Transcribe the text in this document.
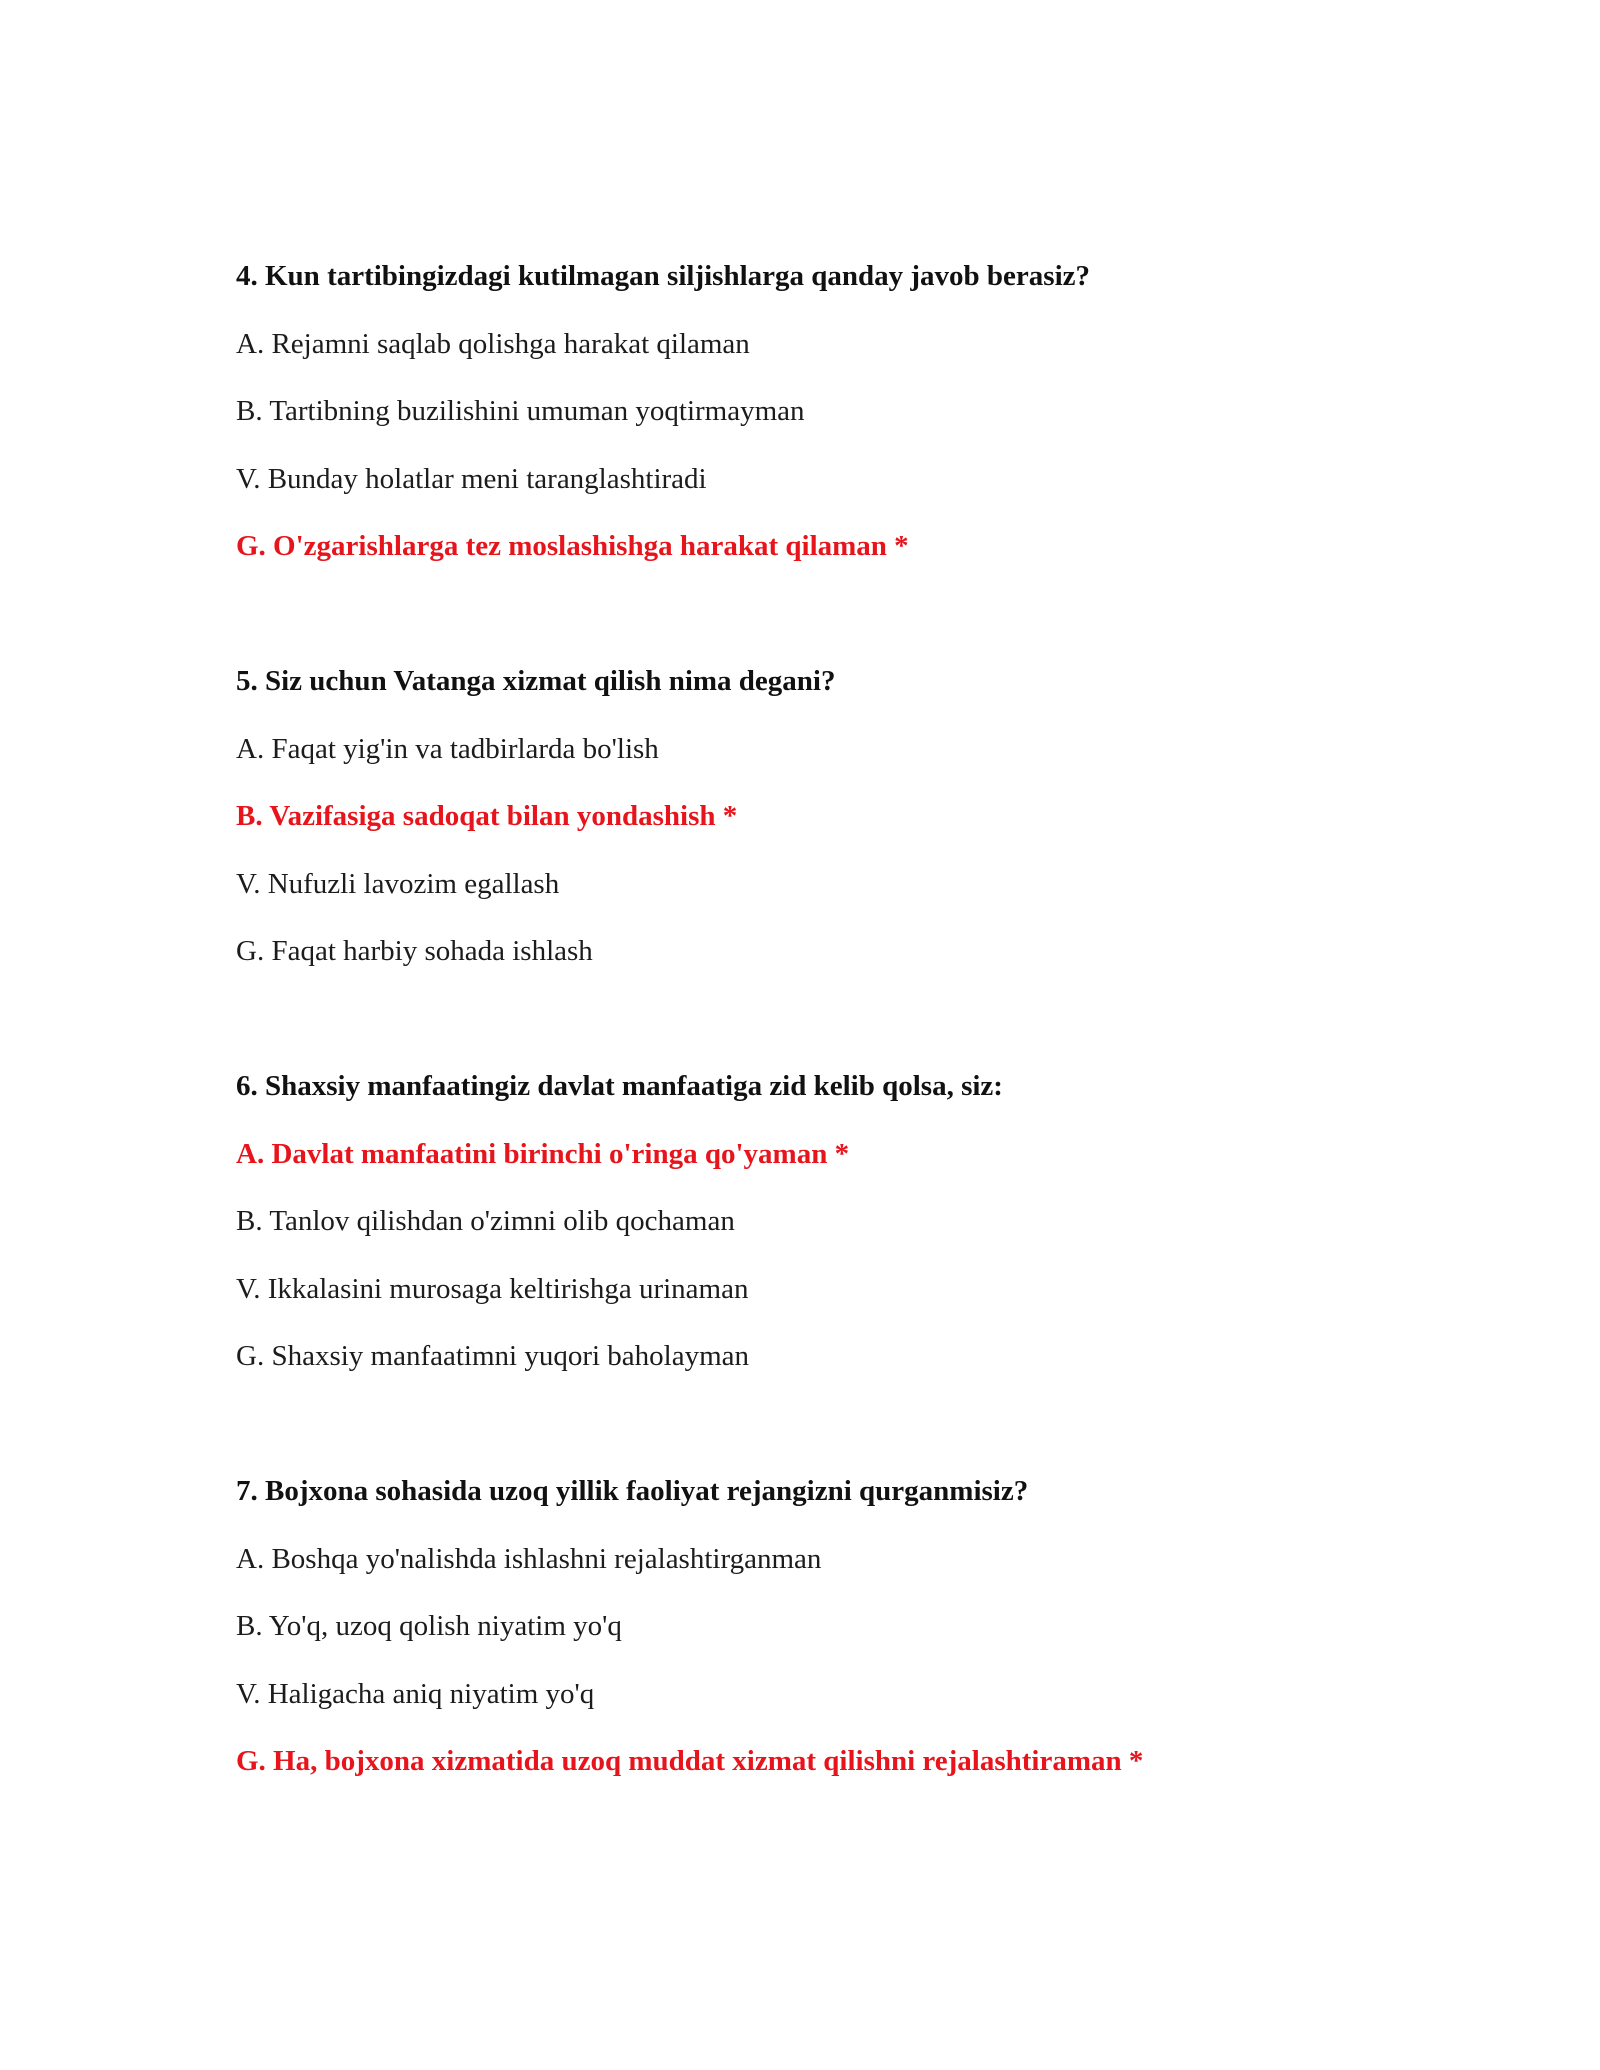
4. Kun tartibingizdagi kutilmagan siljishlarga qanday javob berasiz?
A. Rejamni saqlab qolishga harakat qilaman
B. Tartibning buzilishini umuman yoqtirmayman
V. Bunday holatlar meni taranglashtiradi
G. O'zgarishlarga tez moslashishga harakat qilaman *
5. Siz uchun Vatanga xizmat qilish nima degani?
A. Faqat yig'in va tadbirlarda bo'lish
B. Vazifasiga sadoqat bilan yondashish *
V. Nufuzli lavozim egallash
G. Faqat harbiy sohada ishlash
6. Shaxsiy manfaatingiz davlat manfaatiga zid kelib qolsa, siz:
A. Davlat manfaatini birinchi o'ringa qo'yaman *
B. Tanlov qilishdan o'zimni olib qochaman
V. Ikkalasini murosaga keltirishga urinaman
G. Shaxsiy manfaatimni yuqori baholayman
7. Bojxona sohasida uzoq yillik faoliyat rejangizni qurganmisiz?
A. Boshqa yo'nalishda ishlashni rejalashtirganman
B. Yo'q, uzoq qolish niyatim yo'q
V. Haligacha aniq niyatim yo'q
G. Ha, bojxona xizmatida uzoq muddat xizmat qilishni rejalashtiraman *
